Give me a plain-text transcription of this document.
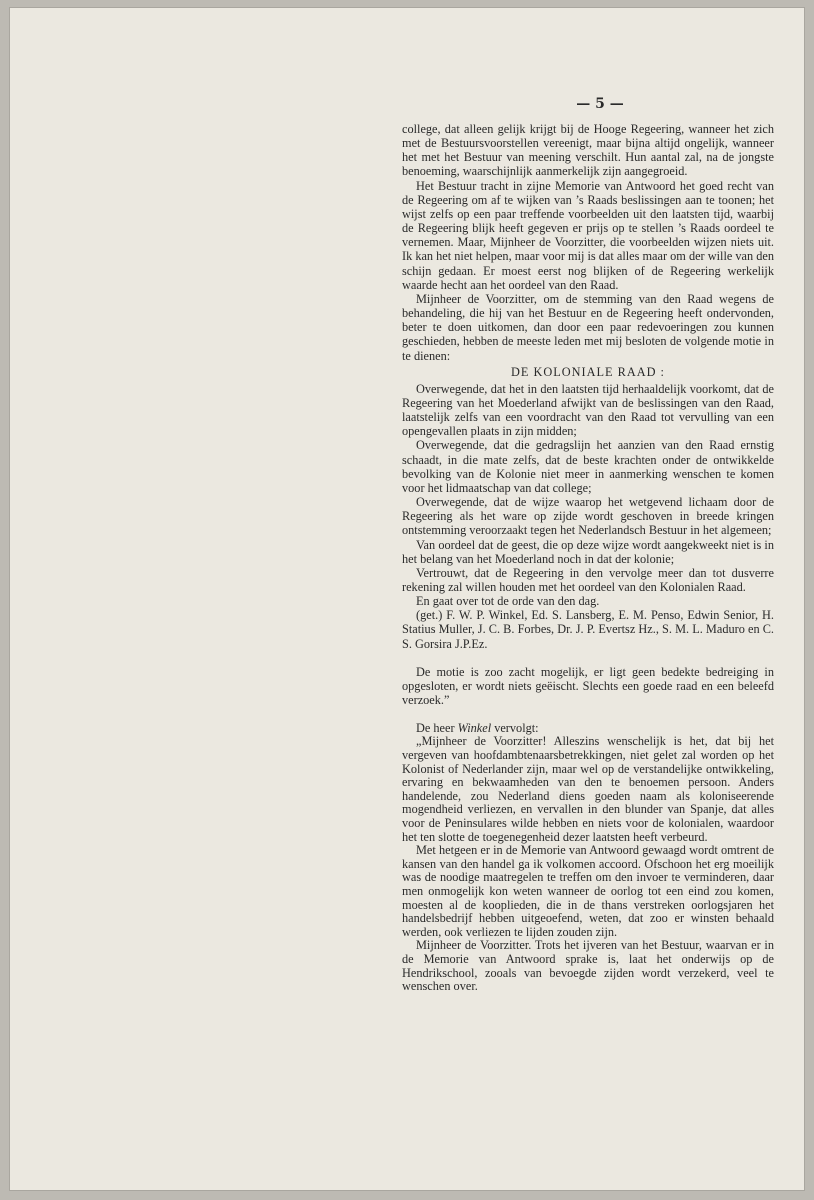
— 5 —

college, dat alleen gelijk krijgt bij de Hooge Regeering, wanneer het zich met de Bestuursvoorstellen vereenigt, maar bijna altijd ongelijk, wanneer het met het Bestuur van meening verschilt. Hun aantal zal, na de jongste benoeming, waarschijnlijk aanmerkelijk zijn aangegroeid.

Het Bestuur tracht in zijne Memorie van Antwoord het goed recht van de Regeering om af te wijken van ’s Raads beslissingen aan te toonen; het wijst zelfs op een paar treffende voorbeelden uit den laatsten tijd, waarbij de Regeering blijk heeft gegeven er prijs op te stellen ’s Raads oordeel te vernemen. Maar, Mijnheer de Voorzitter, die voorbeelden wijzen niets uit. Ik kan het niet helpen, maar voor mij is dat alles maar om der wille van den schijn gedaan. Er moest eerst nog blijken of de Regeering werkelijk waarde hecht aan het oordeel van den Raad.

Mijnheer de Voorzitter, om de stemming van den Raad wegens de behandeling, die hij van het Bestuur en de Regeering heeft ondervonden, beter te doen uitkomen, dan door een paar redevoeringen zou kunnen geschieden, hebben de meeste leden met mij besloten de volgende motie in te dienen:

DE KOLONIALE RAAD :

Overwegende, dat het in den laatsten tijd herhaaldelijk voorkomt, dat de Regeering van het Moederland afwijkt van de beslissingen van den Raad, laatstelijk zelfs van een voordracht van den Raad tot vervulling van een opengevallen plaats in zijn midden;

Overwegende, dat die gedragslijn het aanzien van den Raad ernstig schaadt, in die mate zelfs, dat de beste krachten onder de ontwikkelde bevolking van de Kolonie niet meer in aanmerking wenschen te komen voor het lidmaatschap van dat college;

Overwegende, dat de wijze waarop het wetgevend lichaam door de Regeering als het ware op zijde wordt geschoven in breede kringen ontstemming veroorzaakt tegen het Nederlandsch Bestuur in het algemeen;

Van oordeel dat de geest, die op deze wijze wordt aangekweekt niet is in het belang van het Moederland noch in dat der kolonie;

Vertrouwt, dat de Regeering in den vervolge meer dan tot dusverre rekening zal willen houden met het oordeel van den Kolonialen Raad.

En gaat over tot de orde van den dag.

(get.) F. W. P. Winkel, Ed. S. Lansberg, E. M. Penso, Edwin Senior, H. Statius Muller, J. C. B. Forbes, Dr. J. P. Evertsz Hz., S. M. L. Maduro en C. S. Gorsira J.P.Ez.

De motie is zoo zacht mogelijk, er ligt geen bedekte bedreiging in opgesloten, er wordt niets geëischt. Slechts een goede raad en een beleefd verzoek.”

De heer Winkel vervolgt:

„Mijnheer de Voorzitter! Alleszins wenschelijk is het, dat bij het vergeven van hoofdambtenaarsbetrekkingen, niet gelet zal worden op het Kolonist of Nederlander zijn, maar wel op de verstandelijke ontwikkeling, ervaring en bekwaamheden van den te benoemen persoon. Anders handelende, zou Nederland diens goeden naam als koloniseerende mogendheid verliezen, en vervallen in den blunder van Spanje, dat alles voor de Peninsulares wilde hebben en niets voor de kolonialen, waardoor het ten slotte de toegenegenheid dezer laatsten heeft verbeurd.

Met hetgeen er in de Memorie van Antwoord gewaagd wordt omtrent de kansen van den handel ga ik volkomen accoord. Ofschoon het erg moeilijk was de noodige maatregelen te treffen om den invoer te verminderen, daar men onmogelijk kon weten wanneer de oorlog tot een eind zou komen, moesten al de kooplieden, die in de thans verstreken oorlogsjaren het handelsbedrijf hebben uitgeoefend, weten, dat zoo er winsten behaald werden, ook verliezen te lijden zouden zijn.

Mijnheer de Voorzitter. Trots het ijveren van het Bestuur, waarvan er in de Memorie van Antwoord sprake is, laat het onderwijs op de Hendrikschool, zooals van bevoegde zijden wordt verzekerd, veel te wenschen over.
